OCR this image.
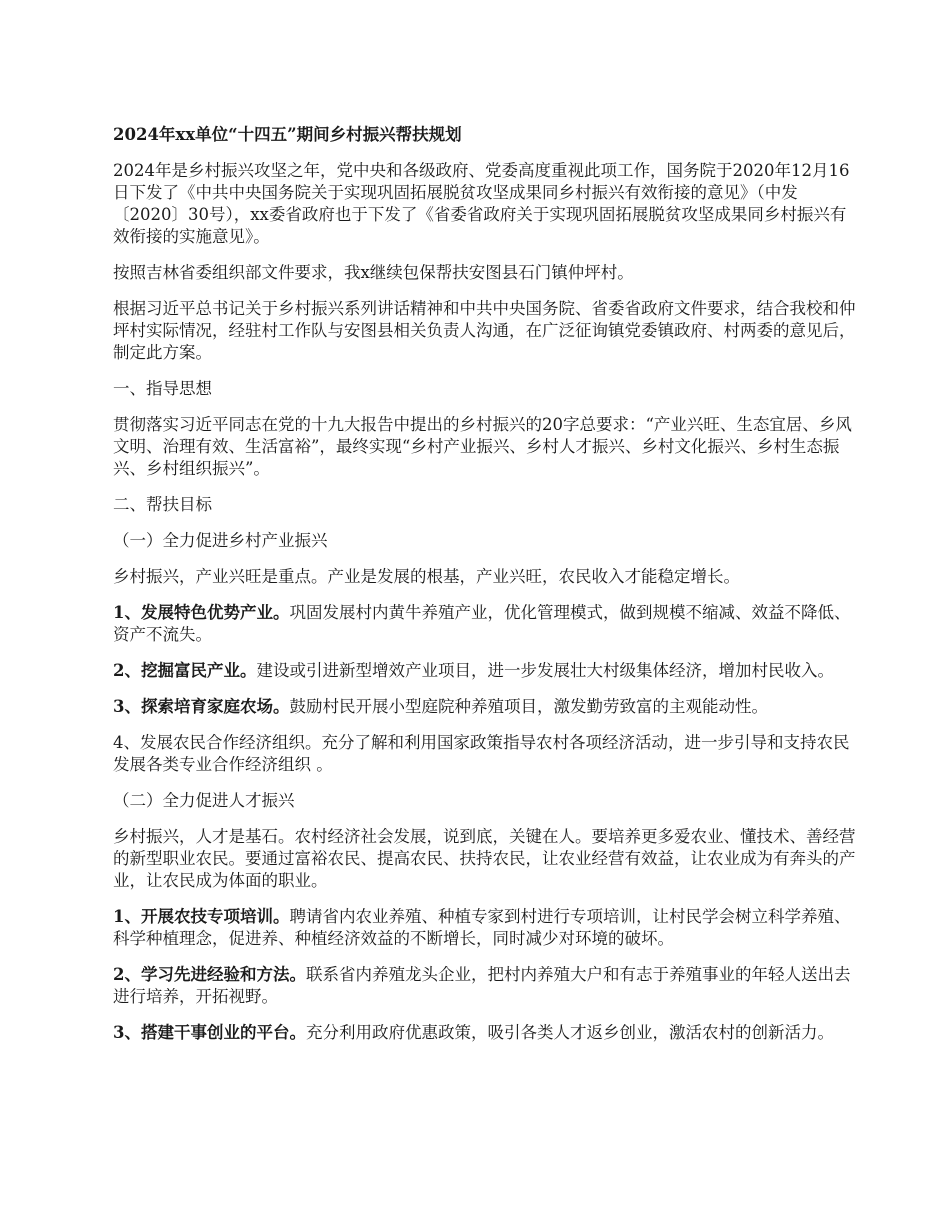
2024年xx单位“十四五”期间乡村振兴帮扶规划
2024年是乡村振兴攻坚之年，党中央和各级政府、党委高度重视此项工作，国务院于2020年12月16日下发了《中共中央国务院关于实现巩固拓展脱贫攻坚成果同乡村振兴有效衔接的意见》（中发〔2020〕30号），xx委省政府也于下发了《省委省政府关于实现巩固拓展脱贫攻坚成果同乡村振兴有效衔接的实施意见》。
按照吉林省委组织部文件要求，我x继续包保帮扶安图县石门镇仲坪村。
根据习近平总书记关于乡村振兴系列讲话精神和中共中央国务院、省委省政府文件要求，结合我校和仲坪村实际情况，经驻村工作队与安图县相关负责人沟通，在广泛征询镇党委镇政府、村两委的意见后，制定此方案。
一、指导思想
贯彻落实习近平同志在党的十九大报告中提出的乡村振兴的20字总要求：“产业兴旺、生态宜居、乡风文明、治理有效、生活富裕”，最终实现“乡村产业振兴、乡村人才振兴、乡村文化振兴、乡村生态振兴、乡村组织振兴”。
二、帮扶目标
（一）全力促进乡村产业振兴
乡村振兴，产业兴旺是重点。产业是发展的根基，产业兴旺，农民收入才能稳定增长。
1、发展特色优势产业。巩固发展村内黄牛养殖产业，优化管理模式，做到规模不缩减、效益不降低、资产不流失。
2、挖掘富民产业。建设或引进新型增效产业项目，进一步发展壮大村级集体经济，增加村民收入。
3、探索培育家庭农场。鼓励村民开展小型庭院种养殖项目，激发勤劳致富的主观能动性。
4、发展农民合作经济组织。充分了解和利用国家政策指导农村各项经济活动，进一步引导和支持农民发展各类专业合作经济组织 。
（二）全力促进人才振兴
乡村振兴，人才是基石。农村经济社会发展，说到底，关键在人。要培养更多爱农业、懂技术、善经营的新型职业农民。要通过富裕农民、提高农民、扶持农民，让农业经营有效益，让农业成为有奔头的产业，让农民成为体面的职业。
1、开展农技专项培训。聘请省内农业养殖、种植专家到村进行专项培训，让村民学会树立科学养殖、科学种植理念，促进养、种植经济效益的不断增长，同时减少对环境的破坏。
2、学习先进经验和方法。联系省内养殖龙头企业，把村内养殖大户和有志于养殖事业的年轻人送出去进行培养，开拓视野。
3、搭建干事创业的平台。充分利用政府优惠政策，吸引各类人才返乡创业，激活农村的创新活力。
